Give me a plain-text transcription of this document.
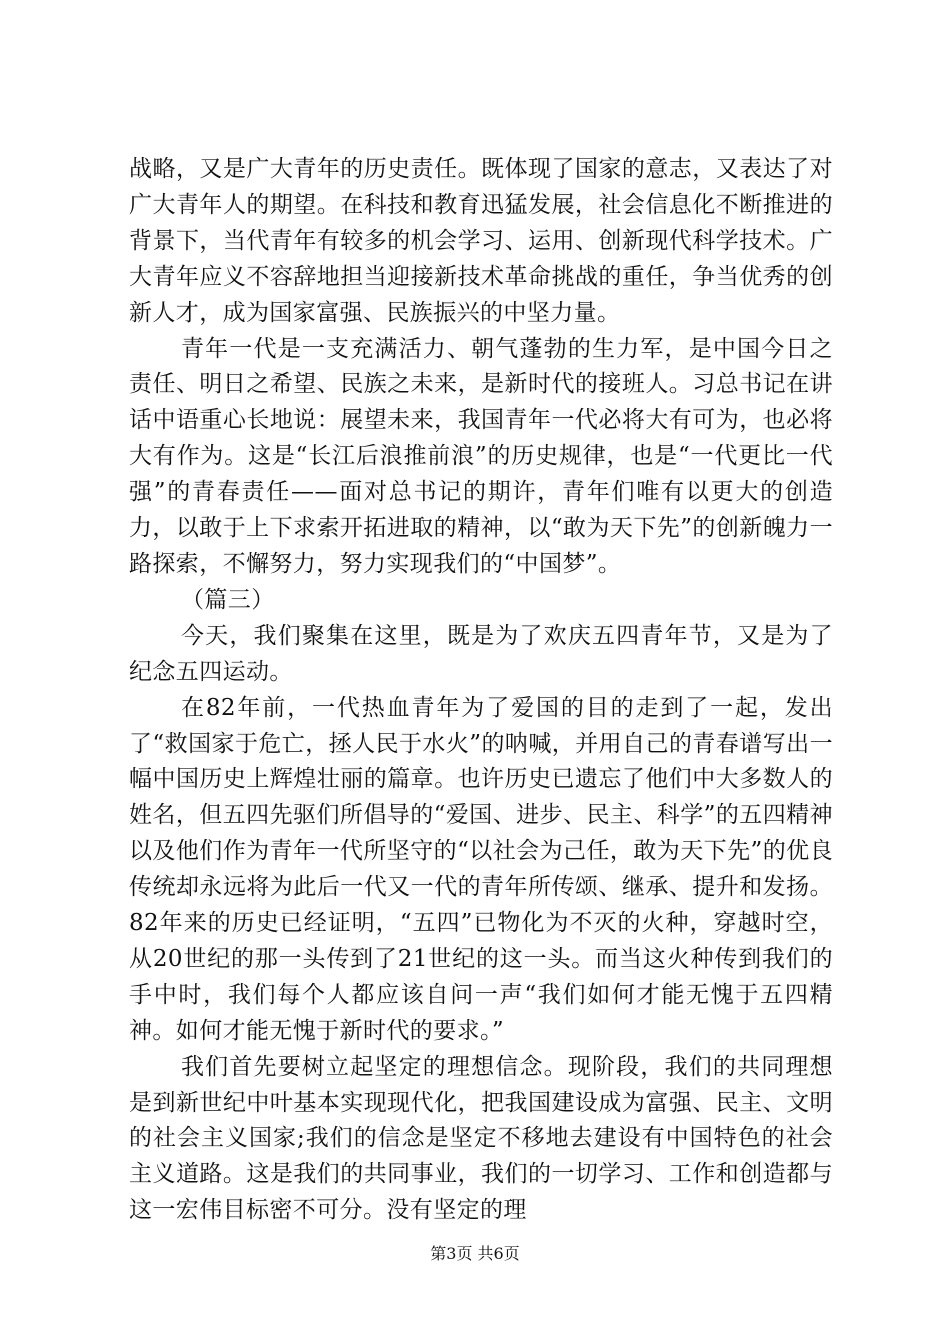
战略，又是广大青年的历史责任。既体现了国家的意志，又表达了对广大青年人的期望。在科技和教育迅猛发展，社会信息化不断推进的背景下，当代青年有较多的机会学习、运用、创新现代科学技术。广大青年应义不容辞地担当迎接新技术革命挑战的重任，争当优秀的创新人才，成为国家富强、民族振兴的中坚力量。

青年一代是一支充满活力、朝气蓬勃的生力军，是中国今日之责任、明日之希望、民族之未来，是新时代的接班人。习总书记在讲话中语重心长地说：展望未来，我国青年一代必将大有可为，也必将大有作为。这是“长江后浪推前浪”的历史规律，也是“一代更比一代强”的青春责任——面对总书记的期许，青年们唯有以更大的创造力，以敢于上下求索开拓进取的精神，以“敢为天下先”的创新魄力一路探索，不懈努力，努力实现我们的“中国梦”。

（篇三）

今天，我们聚集在这里，既是为了欢庆五四青年节，又是为了纪念五四运动。

在82年前，一代热血青年为了爱国的目的走到了一起，发出了“救国家于危亡，拯人民于水火”的呐喊，并用自己的青春谱写出一幅中国历史上辉煌壮丽的篇章。也许历史已遗忘了他们中大多数人的姓名，但五四先驱们所倡导的“爱国、进步、民主、科学”的五四精神以及他们作为青年一代所坚守的“以社会为己任，敢为天下先”的优良传统却永远将为此后一代又一代的青年所传颂、继承、提升和发扬。82年来的历史已经证明，“五四”已物化为不灭的火种，穿越时空，从20世纪的那一头传到了21世纪的这一头。而当这火种传到我们的手中时，我们每个人都应该自问一声“我们如何才能无愧于五四精神。如何才能无愧于新时代的要求。”

我们首先要树立起坚定的理想信念。现阶段，我们的共同理想是到新世纪中叶基本实现现代化，把我国建设成为富强、民主、文明的社会主义国家;我们的信念是坚定不移地去建设有中国特色的社会主义道路。这是我们的共同事业，我们的一切学习、工作和创造都与这一宏伟目标密不可分。没有坚定的理

第3页 共6页
